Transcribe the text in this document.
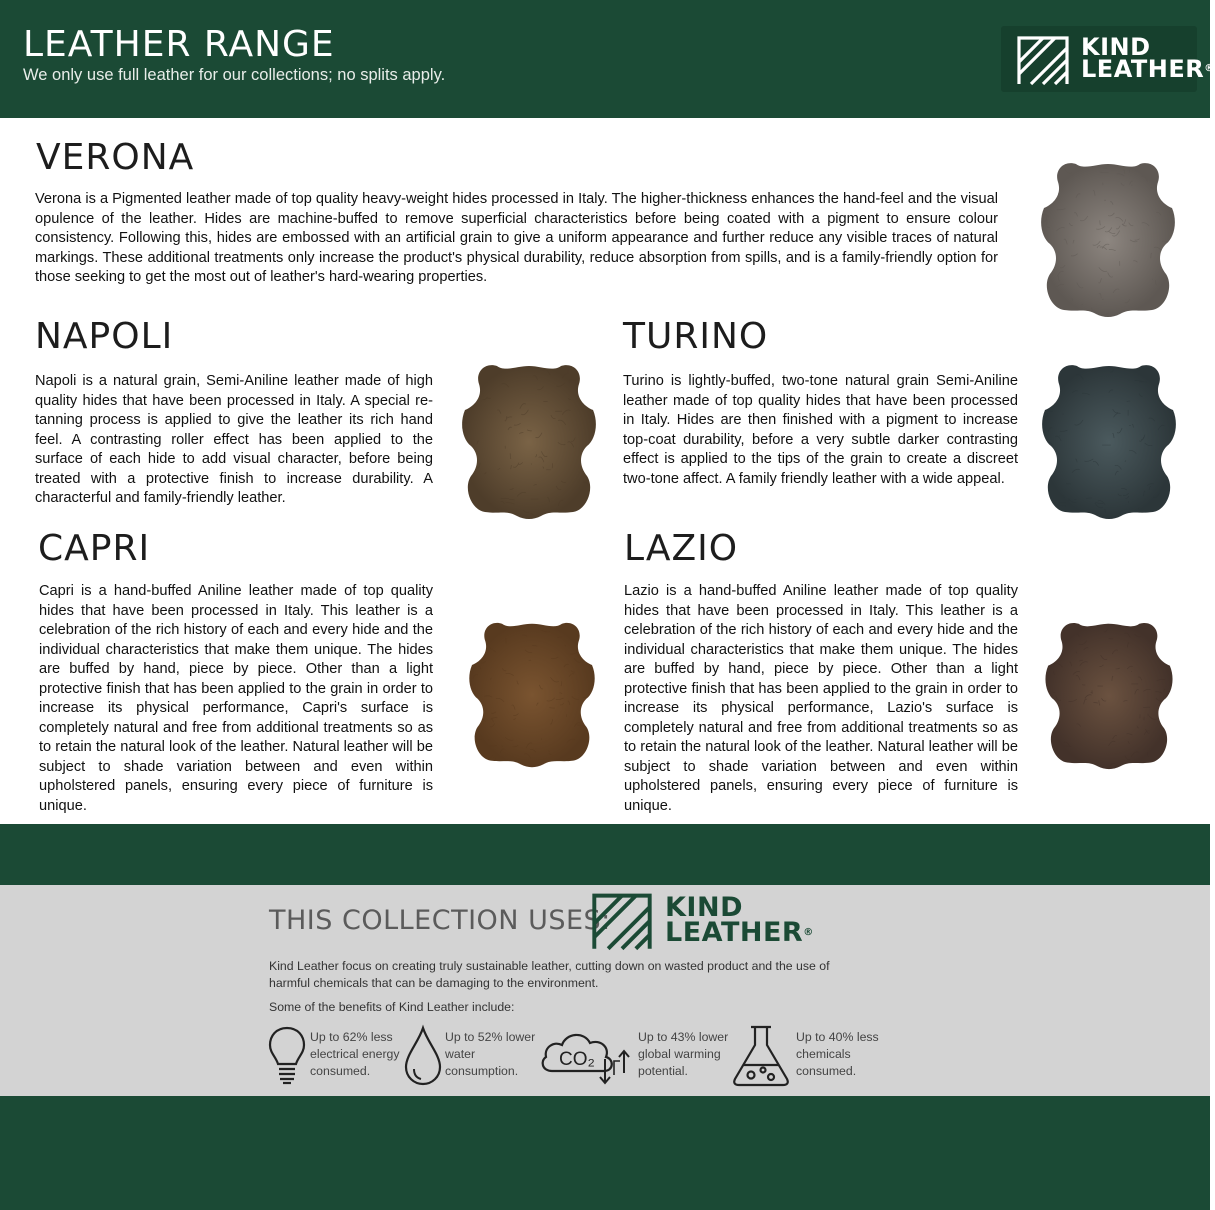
LEATHER RANGE
We only use full leather for our collections; no splits apply.
KIND
LEATHER®
VERONA

Verona is a Pigmented leather made of top quality heavy-weight hides processed in Italy. The higher-thickness enhances the hand-feel and the visual opulence of the leather. Hides are machine-buffed to remove superficial characteristics before being coated with a pigment to ensure colour consistency. Following this, hides are embossed with an artificial grain to give a uniform appearance and further reduce any visible traces of natural markings. These additional treatments only increase the product's physical durability, reduce absorption from spills, and is a family-friendly option for those seeking to get the most out of leather's hard-wearing properties.

NAPOLI

Napoli is a natural grain, Semi-Aniline leather made of high quality hides that have been processed in Italy. A special re-tanning process is applied to give the leather its rich hand feel. A contrasting roller effect has been applied to the surface of each hide to add visual character, before being treated with a protective finish to increase durability. A characterful and family-friendly leather.

TURINO

Turino is lightly-buffed, two-tone natural grain Semi-Aniline leather made of top quality hides that have been processed in Italy. Hides are then finished with a pigment to increase top-coat durability, before a very subtle darker contrasting effect is applied to the tips of the grain to create a discreet two-tone affect. A family friendly leather with a wide appeal.

CAPRI

Capri is a hand-buffed Aniline leather made of top quality hides that have been processed in Italy. This leather is a celebration of the rich history of each and every hide and the individual characteristics that make them unique. The hides are buffed by hand, piece by piece. Other than a light protective finish that has been applied to the grain in order to increase its physical performance, Capri's surface is completely natural and free from additional treatments so as to retain the natural look of the leather. Natural leather will be subject to shade variation between and even within upholstered panels, ensuring every piece of furniture is unique.

LAZIO

Lazio is a hand-buffed Aniline leather made of top quality hides that have been processed in Italy. This leather is a celebration of the rich history of each and every hide and the individual characteristics that make them unique. The hides are buffed by hand, piece by piece. Other than a light protective finish that has been applied to the grain in order to increase its physical performance, Lazio's surface is completely natural and free from additional treatments so as to retain the natural look of the leather. Natural leather will be subject to shade variation between and even within upholstered panels, ensuring every piece of furniture is unique.

THIS COLLECTION USES: KIND
LEATHER®
Kind Leather focus on creating truly sustainable leather, cutting down on wasted product and the use of harmful chemicals that can be damaging to the environment.
Some of the benefits of Kind Leather include:
Up to 62% less electrical energy consumed.
Up to 52% lower water consumption.
CO₂
Up to 43% lower global warming potential.
Up to 40% less chemicals consumed.
